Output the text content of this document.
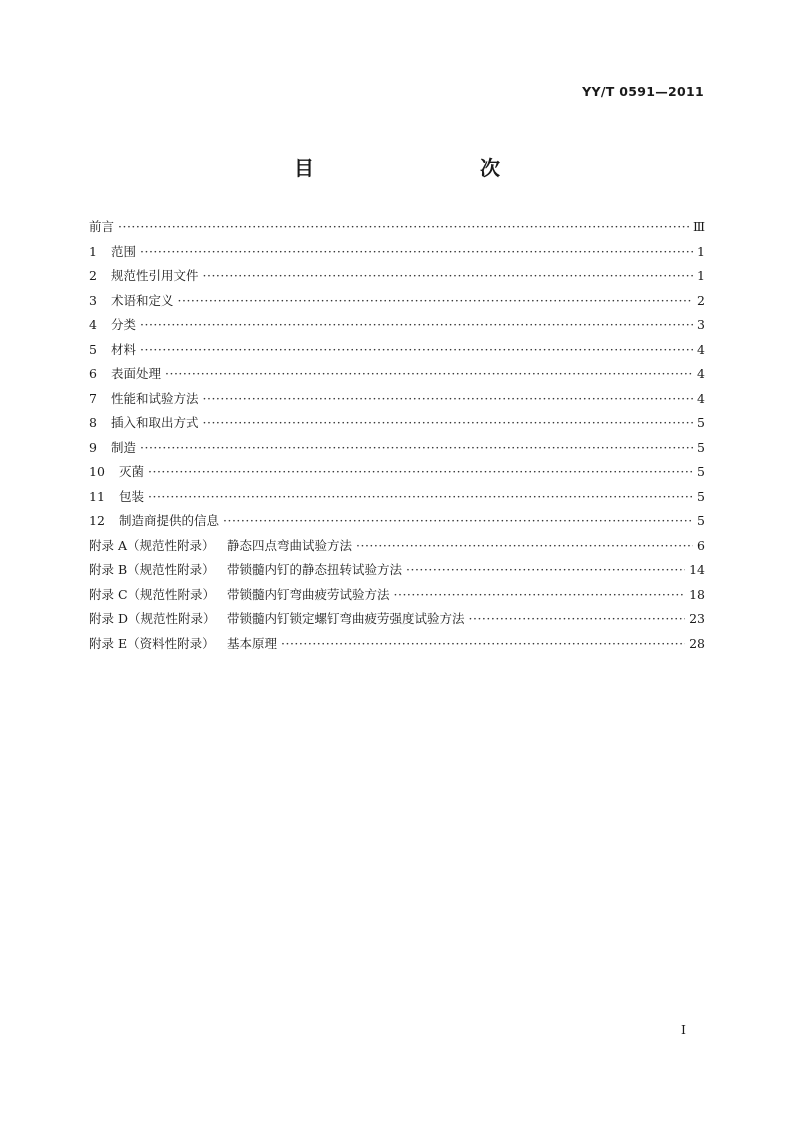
YY/T 0591—2011
目　　次
前言 ·····	Ⅲ
1	范围 ·····	1
2	规范性引用文件 ·····	1
3	术语和定义 ·····	2
4	分类 ·····	3
5	材料 ·····	4
6	表面处理 ·····	4
7	性能和试验方法 ·····	4
8	插入和取出方式 ·····	5
9	制造 ·····	5
10	灭菌 ·····	5
11	包装 ·····	5
12	制造商提供的信息 ·····	5
附录 A（规范性附录） 静态四点弯曲试验方法 ·····	6
附录 B（规范性附录） 带锁髓内钉的静态扭转试验方法 ·····	14
附录 C（规范性附录） 带锁髓内钉弯曲疲劳试验方法 ·····	18
附录 D（规范性附录） 带锁髓内钉锁定螺钉弯曲疲劳强度试验方法 ·····	23
附录 E（资料性附录） 基本原理 ·····	28
I
